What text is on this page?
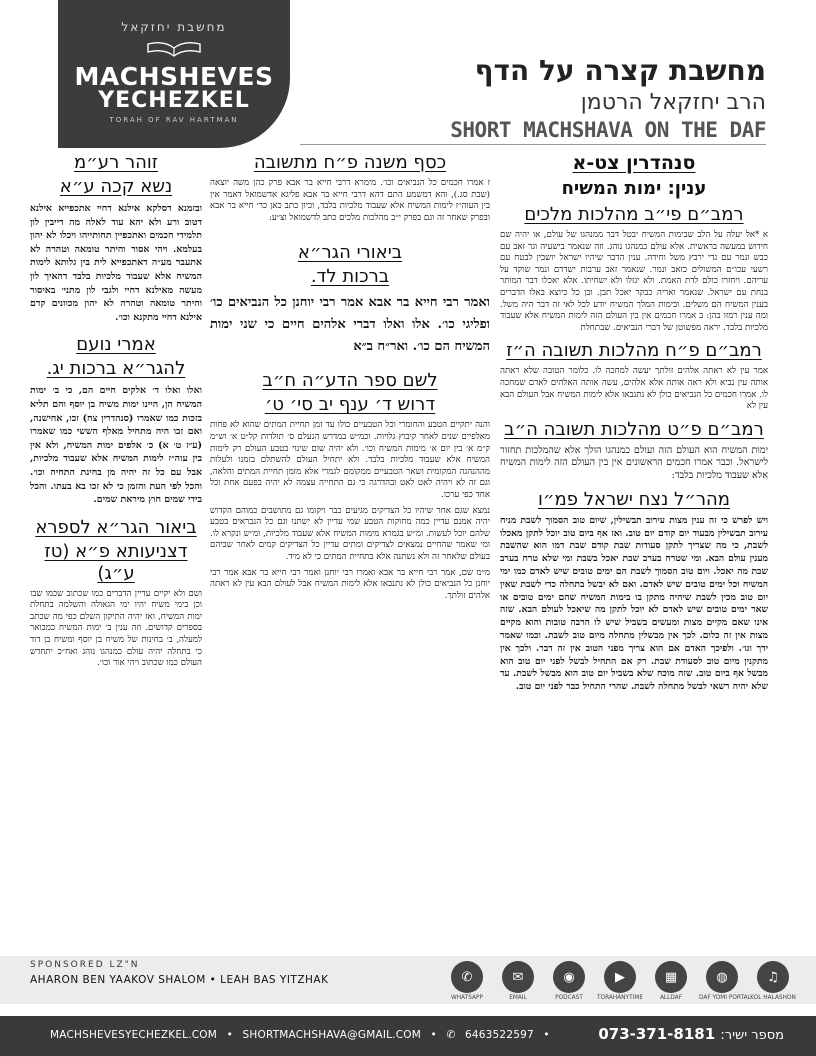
מחשבת יחזקאל
MACHSHEVES
YECHEZKEL
TORAH OF RAV HARTMAN
מחשבת קצרה על הדף
הרב יחזקאל הרטמן
SHORT MACHSHAVA ON THE DAF
סנהדרין צט-א
ענין: ימות המשיח
רמב״ם פי״ב מהלכות מלכים
א *אל יעלה על הלב שבימות המשיח יבטל דבר ממנהגו של עולם, או יהיה שם חידוש במעשה בראשית. אלא עולם כמנהגו נוהג. וזה שנאמר בישעיה וגר זאב עם כבש ונמר עם גדי ירבץ משל וחידה. ענין הדבר שיהיו ישראל יושבין לבטח עם רשעי עכו״ם המשולים כזאב ונמר. שנאמר זאב ערבות ישדדם ונמר שוקד על עריהם. ויחזרו כולם לדת האמת. ולא יגזלו ולא ישחיתו. אלא יאכלו דבר המותר בנחת עם ישראל. שנאמר ואריה כבקר יאכל תבן. וכן כל כיוצא באלו הדברים בענין המשיח הם משלים. ובימות המלך המשיח יודע לכל לאי זה דבר היה משל. ומה ענין רמזו בהן: ב אמרו חכמים אין בין העולם הזה לימות המשיח אלא שעבוד מלכיות בלבד. יראה מפשוטן של דברי הנביאים. שבתחלת
רמב״ם פ״ח מהלכות תשובה ה״ז
אמר עין לא ראתה אלהים זולתך יעשה למחכה לו. כלומר הטובה שלא ראתה אותה עין נביא ולא ראה אותה אלא אלהים, עשה אותה האלהים לאדם שמחכה לו. אמרו חכמים כל הנביאים כולן לא נתנבאו אלא לימות המשיח אבל העולם הבא עין לא
רמב״ם פ״ט מהלכות תשובה ה״ב
ימות המשיח הוא העולם הזה ועולם כמנהגו הולך אלא שהמלכות תחזור לישראל. וכבר אמרו חכמים הראשונים אין בין העולם הזה לימות המשיח אלא שעבוד מלכיות בלבד:
מהר״ל נצח ישראל פמ״ו
ויש לפרש כי זה ענין מצות עירוב תבשילין, שיום טוב הסמוך לשבת מניח עירוב תבשילין מבעוד יום קודם יום טוב. ואז אף ביום טוב יוכל לתקן מאכלו לשבת, כי מה שצריך לתקן סעודות שבת קודם שבת דמו הוא שהשבת מענין עולם הבא. ומי שטרח בערב שבת יאכל בשבת ומי שלא טרח בערב שבת מה יאכל. ויום טוב הסמוך לשבת הם ימים טובים שיש לאדם כמו ימי המשיח וכל ימים טובים שיש לאדם. ואם לא יבשל בתחלה כדי לשבת שאין יום טוב מכין לשבת שיהיה מתקן בו בימות המשיח שהם ימים טובים או שאר ימים טובים שיש לאדם לא יוכל לתקן מה שיאכל לעולם הבא. שזה אינו שאם מקיים מצות ומעשים בשביל שיש לו הרבה טובות והוא מקיים מצות אין זה כלום. לכך אין מבשלין מתחלה מיום טוב לשבת. וכמו שאמר ידך וגו׳. ולפיכך האדם אם הוא צריך מפני הטוב אין זה דבר. ולכך אין מתקנין מיום טוב לסעודת שבת. רק אם התחיל לבשל לפני יום טוב הוא מבשל אף ביום טוב. שזה מוכח שלא בשביל יום טוב הוא מבשל לשבת. עד שלא יהיה רשאי לבשל מתחלה לשבת. שהרי התחיל כבר לפני יום טוב.
כסף משנה פ״ח מתשובה
ז אמרו חכמים כל הנביאים וכו׳. מימרא דרבי חייא בר אבא פרק כהן משה יוצאה (שבת סג.), והא דמשמע התם דהא דרבי חייא בר אבא פליגא אדשמואל דאמר אין בין העוה״ז לימות המשיח אלא שעבוד מלכיות בלבד, וכיון כתב כאן כר׳ חייא בר אבא ובפרק שאחר זה וגם בפרק י״ב מהלכות מלכים כתב לדשמואל וצ״ע:
ביאורי הגר״א
ברכות לד.
ואמר רבי חייא בר אבא אמר רבי יוחנן כל הנביאים כו׳ ופליגי כו׳. אלו ואלו דברי אלהים חיים כי שני ימות המשיח הם כו׳. ואר״ח ב״א
לשם ספר הדע״ה ח״ב
דרוש ד׳ ענף יב סי׳ ט׳
והנה יתקיים הטבע והחומרי וכל הטבעיים כולו עד זמן תחיית המתים שהוא לא פחות מאלפיים שנים לאחר קיבוץ גלויות. וכמ״ש במדרש הנעלם ס׳ תולדות קל״ט א׳ וש״מ ק״מ א׳ בין יום א׳ מימות המשיח וכו׳. ולא יהיה שום שינוי בטבע העולם רק לימות המשיח אלא שעבוד מלכיות בלבד. ולא יתחיל העולם להשתלם בזמנו ולעלות מההנהגה המקומית ושאר הטבעיים ממקומם לגמרי אלא מזמן תחיית המתים והלאה, וגם זה לא ויהיה לאט לאט ובהדרגה כי גם התחייה עצמה לא יהיה בפעם אחת וכל אחד כפי ערכו.
נמצא שגם אחר שיהיו כל הצדיקים מגיעים כבר ויקומו גם מתושבים כמוהם הקדוש יהיה אמנם עדיין כמה מחוקות הטבע שמי עדיין לא ישתנו וגם כל הנבראים בטבע שלהם יוכל לעשות. ומ״ש בגמרא מימות המשיח אלא שעבוד מלכיות, ומ״ש ונקרא לו. ומי שאמר שהחיים נמצאים לצדיקים ומתים עדיין כל הצדיקים קמים לאחר שביהם בעולם שלאחר זה ולא נשתנה אלא בתחיית המתים כי לא מיד.
מ״מ שם, אמר רבי חייא בר אבא ואמרו רבי יוחנן ואמר רבי חייא בר אבא אמר רבי יוחנן כל הנביאים כולן לא נתנבאו אלא לימות המשיח אבל לעולם הבא עין לא ראתה אלהים זולתך.
זוהר רע״מ
נשא קכה ע״א
ובזמנא דסלקא אילנא דחיי אתכפייא אילנא דטוב ורע ולא יהא עוד לאלה מה דייבין לון תלמידי חכמים ואתכפיין תחותייהו ויכלו לא יהון בעלמא. ויהי אסור והיתר טומאה וטהרה לא אתעבר מע״ה דאתכפייא לית בין גלותא לימות המשיח אלא שעבוד מלכיות בלבד דהאיך לון מעשה מאילנא דחיי ולגבי לון מתני׳ באיסור והיתר טומאה וטהרה לא יהון מכוונים קדם אילנא דחיי מתקנא וכו׳.
אמרי נועם
להגר״א ברכות יג.
ואלו ואלו ד׳ אלקים חיים הם, כי ב׳ ימות המשיח הן, היינו ימות משיח בן יוסף והם תליא בזכות כמו שאמרו (סנהדרין צח) זכו, אחישנה, ואם זכו היה מתחיל מאלף הששי כמו שאמרו (ע״ז ט׳ א) כ׳ אלפים ימות המשיח, ולא אין בין עוה״ז לימות המשיח אלא שעבוד מלכיות, אבל עם כל זה יהיה מן בחינת התחיה וכו׳. והכל לפי העת והזמן כי לא זכו בא בעתו. והכל בידי שמים חוץ מיראת שמים.
ביאור הגר״א לספרא
דצניעותא פ״א (טז ע״ג)
ושם ולא יקיים עדיין הדברים כמו שכתוב שכמו שבו וכן בימי משיח יהיו ימי הגאולה והשלמה בתחלת ימות המשיח, ואז יהיה התיקון השלם כפי מה שכתב בספרים קדושים. וזה ענין ב׳ ימות המשיח כמבואר למעלה, ב׳ בחינות של משיח בן יוסף ומשיח בן דוד כי בתחלה יהיה עולם כמנהגו נוהג ואח״כ יתחדש העולם כמו שכתוב ויהי אור וכו׳.
SPONSORED LZ"N
AHARON BEN YAAKOV SHALOM • LEAH BAS YITZHAK	✆
WHATSAPP
✉
EMAIL
◉
PODCAST
▶
TORAHANYTIME
▦
ALLDAF
◍
DAF YOMI PORTAL
♫
KOL HALASHON
MACHSHEVESYECHEZKEL.COM • SHORTMACHSHAVA@GMAIL.COM • ✆ 6463522597 •	מספר ישיר: 073-371-8181
